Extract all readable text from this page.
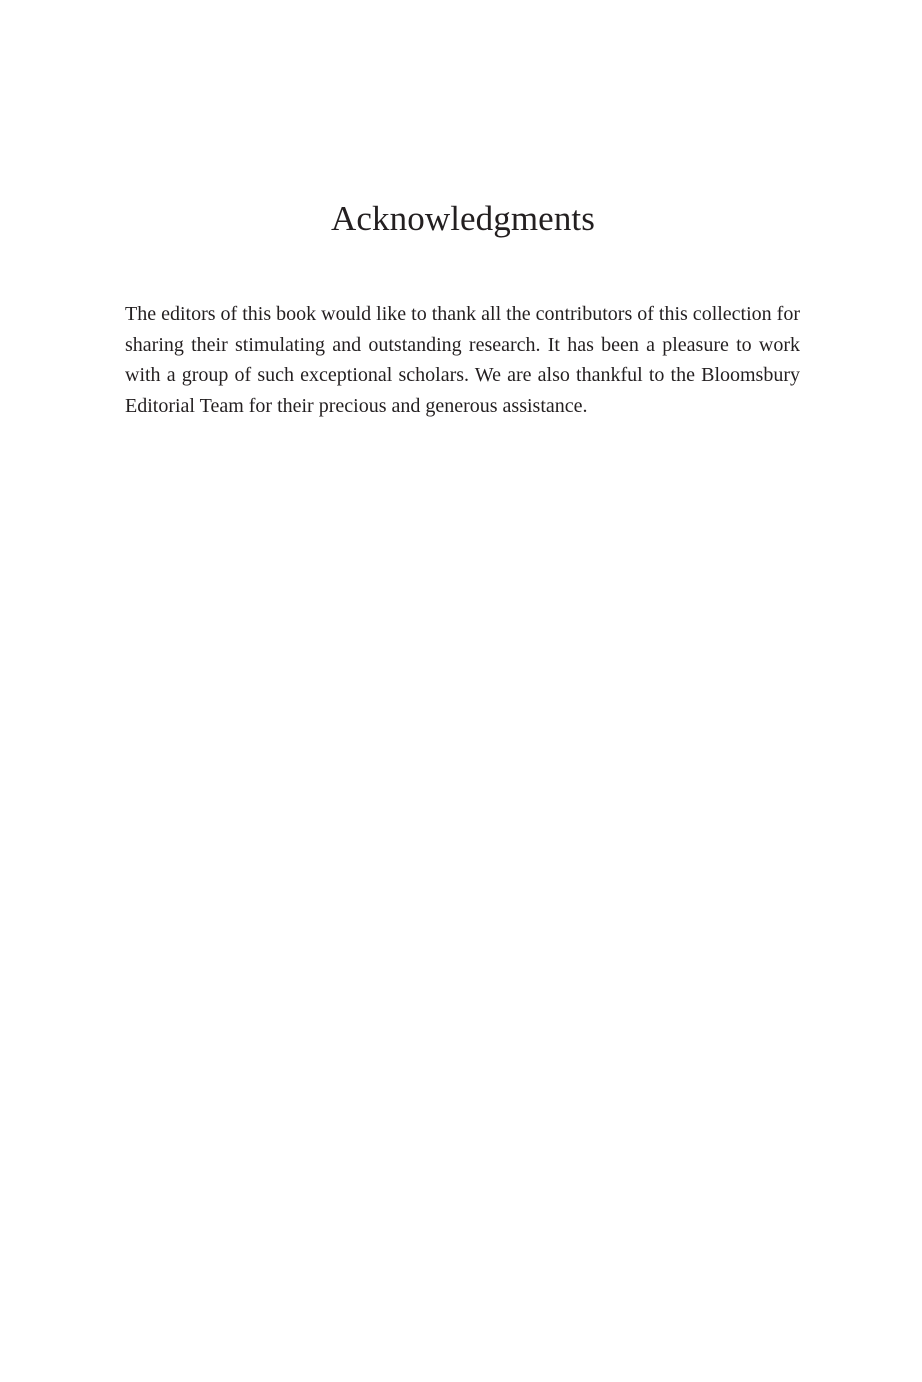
Acknowledgments

The editors of this book would like to thank all the contributors of this collection for sharing their stimulating and outstanding research. It has been a pleasure to work with a group of such exceptional scholars. We are also thankful to the Bloomsbury Editorial Team for their precious and generous assistance.
